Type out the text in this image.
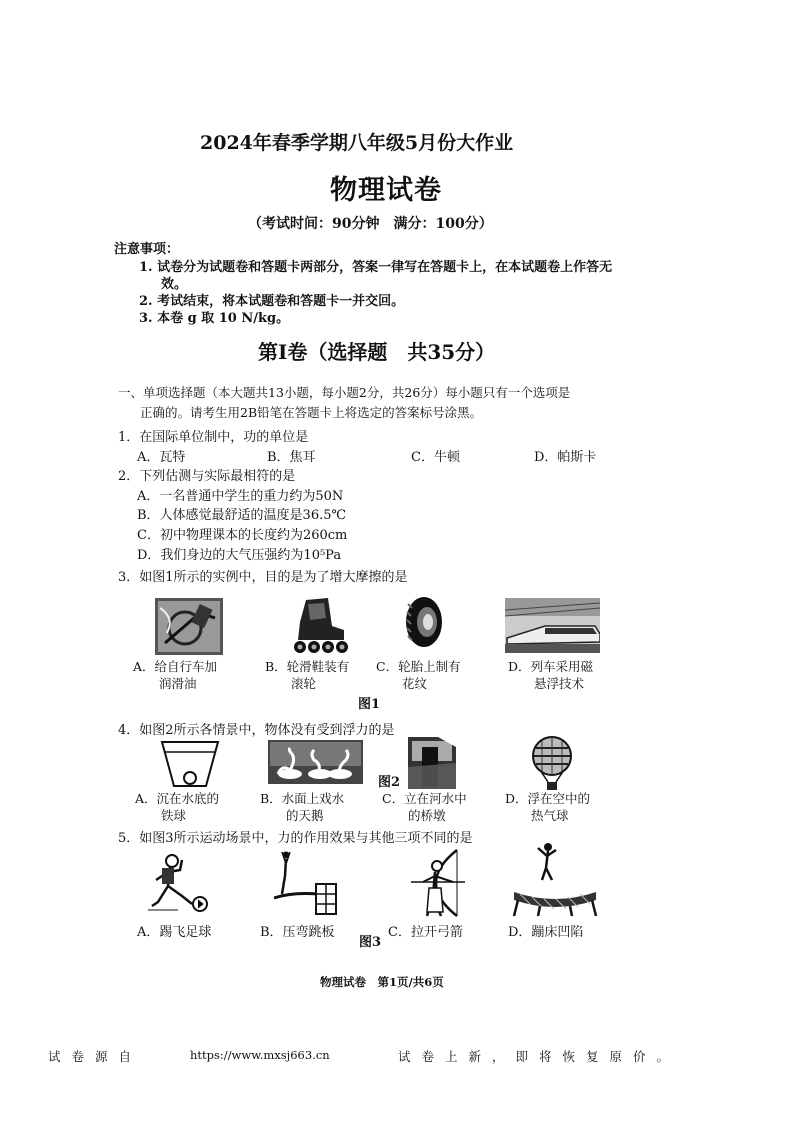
2024年春季学期八年级5月份大作业
物理试卷
（考试时间：90分钟　满分：100分）
注意事项：
1. 试卷分为试题卷和答题卡两部分，答案一律写在答题卡上，在本试题卷上作答无
效。
2. 考试结束，将本试题卷和答题卡一并交回。
3. 本卷 g 取 10 N/kg。
第Ⅰ卷（选择题　共35分）
一、单项选择题（本大题共13小题，每小题2分，共26分）每小题只有一个选项是
正确的。请考生用2B铅笔在答题卡上将选定的答案标号涂黑。
1．在国际单位制中，功的单位是
A．瓦特	B．焦耳	C．牛顿	D．帕斯卡
2．下列估测与实际最相符的是
A．一名普通中学生的重力约为50N
B．人体感觉最舒适的温度是36.5℃
C．初中物理课本的长度约为260cm
D．我们身边的大气压强约为10⁵Pa
3．如图1所示的实例中，目的是为了增大摩擦的是
A．给自行车加
润滑油
B．轮滑鞋装有
滚轮
C．轮胎上制有
花纹
D．列车采用磁
悬浮技术
图1
4．如图2所示各情景中，物体没有受到浮力的是
A．沉在水底的
铁球
B．水面上戏水
的天鹅
C．立在河水中
的桥墩
D．浮在空中的
热气球
图2
5．如图3所示运动场景中，力的作用效果与其他三项不同的是
A．踢飞足球	B．压弯跳板	C．拉开弓箭	D．蹦床凹陷
图3
物理试卷　第1页/共6页
试卷源自	https://www.mxsj663.cn	试卷上新，即将恢复原价。
